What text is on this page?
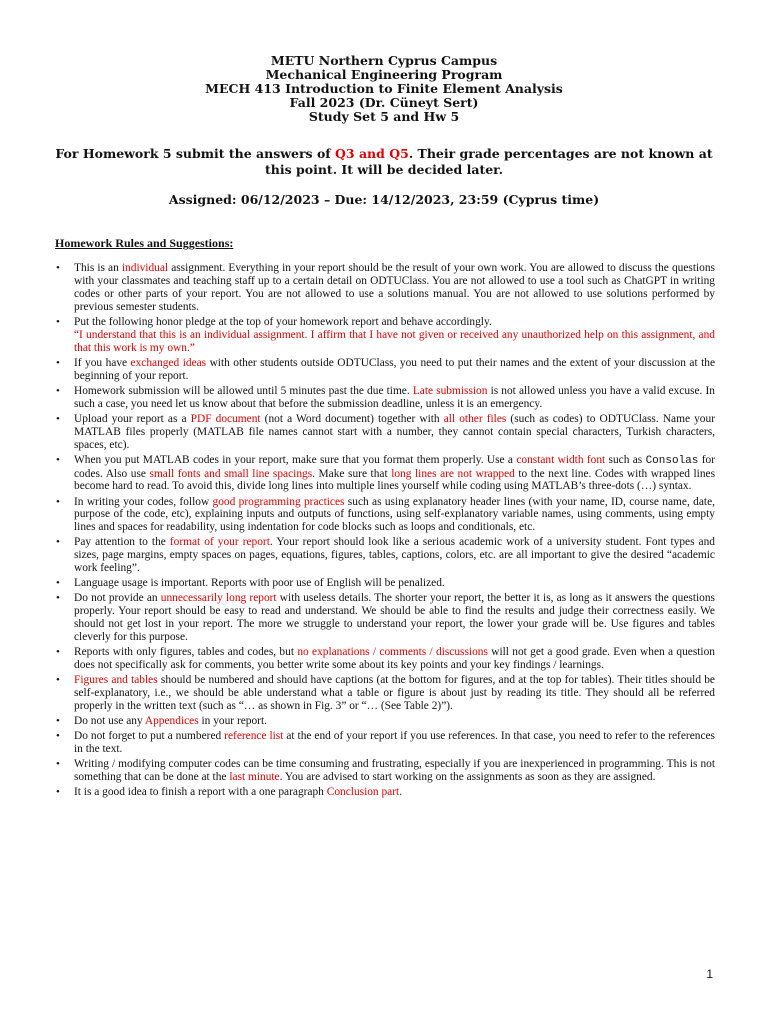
METU Northern Cyprus Campus
Mechanical Engineering Program
MECH 413 Introduction to Finite Element Analysis
Fall 2023 (Dr. Cüneyt Sert)
Study Set 5 and Hw 5
For Homework 5 submit the answers of Q3 and Q5. Their grade percentages are not known at this point. It will be decided later.
Assigned: 06/12/2023 – Due: 14/12/2023, 23:59 (Cyprus time)
Homework Rules and Suggestions:
• This is an individual assignment. Everything in your report should be the result of your own work. You are allowed to discuss the questions with your classmates and teaching staff up to a certain detail on ODTUClass. You are not allowed to use a tool such as ChatGPT in writing codes or other parts of your report. You are not allowed to use a solutions manual. You are not allowed to use solutions performed by previous semester students.
• Put the following honor pledge at the top of your homework report and behave accordingly.
“I understand that this is an individual assignment. I affirm that I have not given or received any unauthorized help on this assignment, and that this work is my own.”
• If you have exchanged ideas with other students outside ODTUClass, you need to put their names and the extent of your discussion at the beginning of your report.
• Homework submission will be allowed until 5 minutes past the due time. Late submission is not allowed unless you have a valid excuse. In such a case, you need let us know about that before the submission deadline, unless it is an emergency.
• Upload your report as a PDF document (not a Word document) together with all other files (such as codes) to ODTUClass. Name your MATLAB files properly (MATLAB file names cannot start with a number, they cannot contain special characters, Turkish characters, spaces, etc).
• When you put MATLAB codes in your report, make sure that you format them properly. Use a constant width font such as Consolas for codes. Also use small fonts and small line spacings. Make sure that long lines are not wrapped to the next line. Codes with wrapped lines become hard to read. To avoid this, divide long lines into multiple lines yourself while coding using MATLAB’s three-dots (…) syntax.
• In writing your codes, follow good programming practices such as using explanatory header lines (with your name, ID, course name, date, purpose of the code, etc), explaining inputs and outputs of functions, using self-explanatory variable names, using comments, using empty lines and spaces for readability, using indentation for code blocks such as loops and conditionals, etc.
• Pay attention to the format of your report. Your report should look like a serious academic work of a university student. Font types and sizes, page margins, empty spaces on pages, equations, figures, tables, captions, colors, etc. are all important to give the desired “academic work feeling”.
• Language usage is important. Reports with poor use of English will be penalized.
• Do not provide an unnecessarily long report with useless details. The shorter your report, the better it is, as long as it answers the questions properly. Your report should be easy to read and understand. We should be able to find the results and judge their correctness easily. We should not get lost in your report. The more we struggle to understand your report, the lower your grade will be. Use figures and tables cleverly for this purpose.
• Reports with only figures, tables and codes, but no explanations / comments / discussions will not get a good grade. Even when a question does not specifically ask for comments, you better write some about its key points and your key findings / learnings.
• Figures and tables should be numbered and should have captions (at the bottom for figures, and at the top for tables). Their titles should be self-explanatory, i.e., we should be able understand what a table or figure is about just by reading its title. They should all be referred properly in the written text (such as “… as shown in Fig. 3” or “… (See Table 2)”).
• Do not use any Appendices in your report.
• Do not forget to put a numbered reference list at the end of your report if you use references. In that case, you need to refer to the references in the text.
• Writing / modifying computer codes can be time consuming and frustrating, especially if you are inexperienced in programming. This is not something that can be done at the last minute. You are advised to start working on the assignments as soon as they are assigned.
• It is a good idea to finish a report with a one paragraph Conclusion part.
1
